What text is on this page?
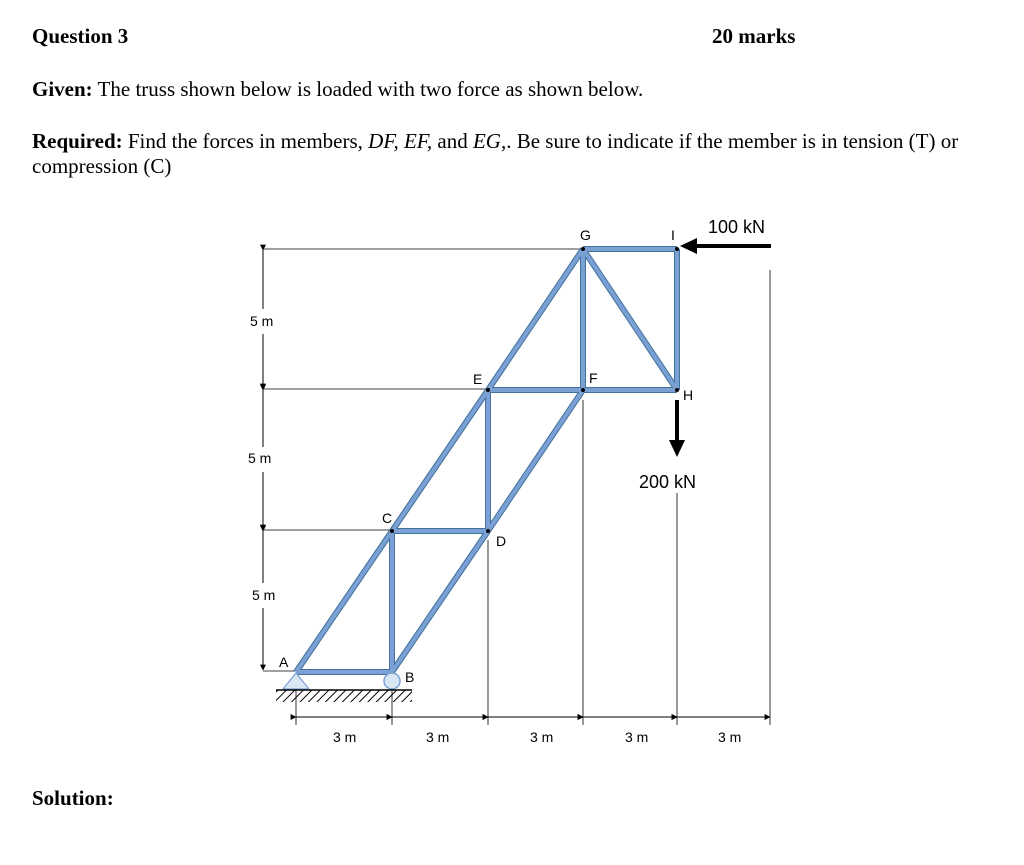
Question 3	20 marks
Given: The truss shown below is loaded with two force as shown below.
Required: Find the forces in members, DF, EF, and EG,. Be sure to indicate if the member is in tension (T) or compression (C)
5 m
5 m
5 m
3 m	3 m	3 m	3 m	3 m
100 kN
200 kN
A
B
C
D
E	F
G
H
I
Solution:
